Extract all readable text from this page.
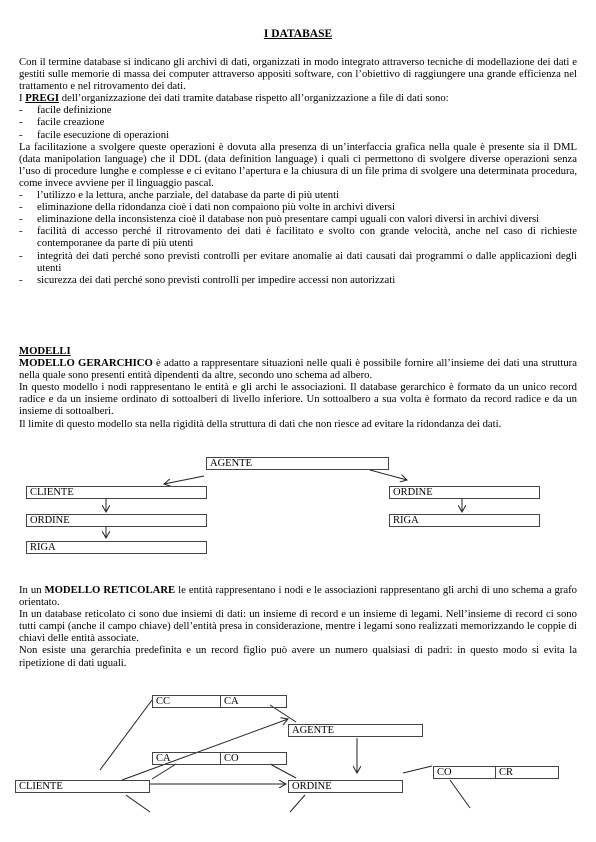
I DATABASE

Con il termine database si indicano gli archivi di dati, organizzati in modo integrato attraverso tecniche di modellazione dei dati e gestiti sulle memorie di massa dei computer attraverso appositi software, con l’obiettivo di raggiungere una grande efficienza nel trattamento e nel ritrovamento dei dati.

I PREGI dell’organizzazione dei dati tramite database rispetto all’organizzazione a file di dati sono:

-	facile definizione
-	facile creazione
-	facile esecuzione di operazioni

La facilitazione a svolgere queste operazioni è dovuta alla presenza di un’interfaccia grafica nella quale è presente sia il DML (data manipolation language) che il DDL (data definition language) i quali ci permettono di svolgere diverse operazioni senza l’uso di procedure lunghe e complesse e ci evitano l’apertura e la chiusura di un file prima di svolgere una determinata procedura, come invece avviene per il linguaggio pascal.

-	l’utilizzo e la lettura, anche parziale, del database da parte di più utenti
-	eliminazione della ridondanza cioè i dati non compaiono più volte in archivi diversi
-	eliminazione della inconsistenza cioè il database non può presentare campi uguali con valori diversi in archivi diversi
-	facilità di accesso perché il ritrovamento dei dati è facilitato e svolto con grande velocità, anche nel caso di richieste contemporanee da parte di più utenti
-	integrità dei dati perché sono previsti controlli per evitare anomalie ai dati causati dai programmi o dalle applicazioni degli utenti
-	sicurezza dei dati perché sono previsti controlli per impedire accessi non autorizzati

MODELLI

MODELLO GERARCHICO è adatto a rappresentare situazioni nelle quali è possibile fornire all’insieme dei dati una struttura nella quale sono presenti entità dipendenti da altre, secondo uno schema ad albero.

In questo modello i nodi rappresentano le entità e gli archi le associazioni. Il database gerarchico è formato da un unico record radice e da un insieme ordinato di sottoalberi di livello inferiore. Un sottoalbero a sua volta è formato da record radice e da un insieme di sottoalberi.

Il limite di questo modello sta nella rigidità della struttura di dati che non riesce ad evitare la ridondanza dei dati.

In un MODELLO RETICOLARE le entità rappresentano i nodi e le associazioni rappresentano gli archi di uno schema a grafo orientato.

In un database reticolato ci sono due insiemi di dati: un insieme di record e un insieme di legami. Nell’insieme di record ci sono tutti campi (anche il campo chiave) dell’entità presa in considerazione, mentre i legami sono realizzati memorizzando le coppie di chiavi delle entità associate.

Non esiste una gerarchia predefinita e un record figlio può avere un numero qualsiasi di padri: in questo modo si evita la ripetizione di dati uguali.

AGENTE
CLIENTE
ORDINE
RIGA
ORDINE
RIGA
CC	CA
AGENTE
CA	CO
CO	CR
CLIENTE	ORDINE
